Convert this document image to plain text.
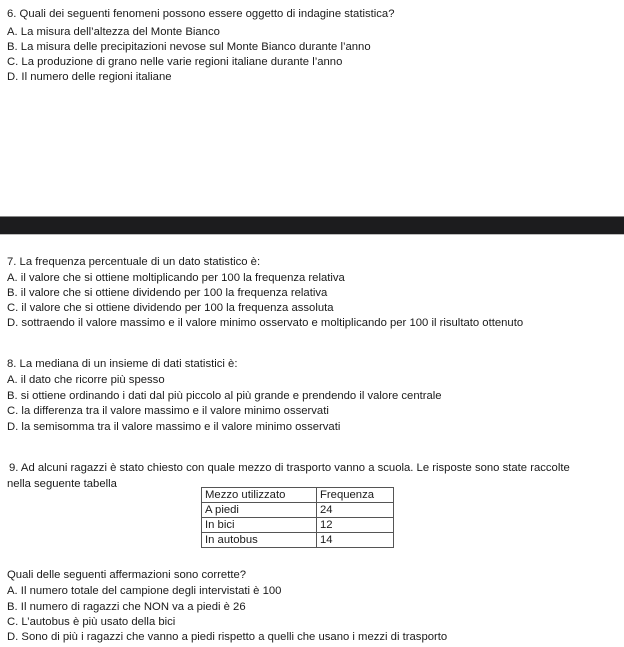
6. Quali dei seguenti fenomeni possono essere oggetto di indagine statistica?
A. La misura dell’altezza del Monte Bianco
B. La misura delle precipitazioni nevose sul Monte Bianco durante l’anno
C. La produzione di grano nelle varie regioni italiane durante l’anno
D. Il numero delle regioni italiane
7. La frequenza percentuale di un dato statistico è:
A. il valore che si ottiene moltiplicando per 100 la frequenza relativa
B. il valore che si ottiene dividendo per 100 la frequenza relativa
C. il valore che si ottiene dividendo per 100 la frequenza assoluta
D. sottraendo il valore massimo e il valore minimo osservato e moltiplicando per 100 il risultato ottenuto
8. La mediana di un insieme di dati statistici è:
A. il dato che ricorre più spesso
B. si ottiene ordinando i dati dal più piccolo al più grande e prendendo il valore centrale
C. la differenza tra il valore massimo e il valore minimo osservati
D. la semisomma tra il valore massimo e il valore minimo osservati
9. Ad alcuni ragazzi è stato chiesto con quale mezzo di trasporto vanno a scuola. Le risposte sono state raccolte
nella seguente tabella
Mezzo utilizzato	Frequenza
A piedi	24
In bici	12
In autobus	14
Quali delle seguenti affermazioni sono corrette?
A. Il numero totale del campione degli intervistati è 100
B. Il numero di ragazzi che NON va a piedi è 26
C. L’autobus è più usato della bici
D. Sono di più i ragazzi che vanno a piedi rispetto a quelli che usano i mezzi di trasporto
